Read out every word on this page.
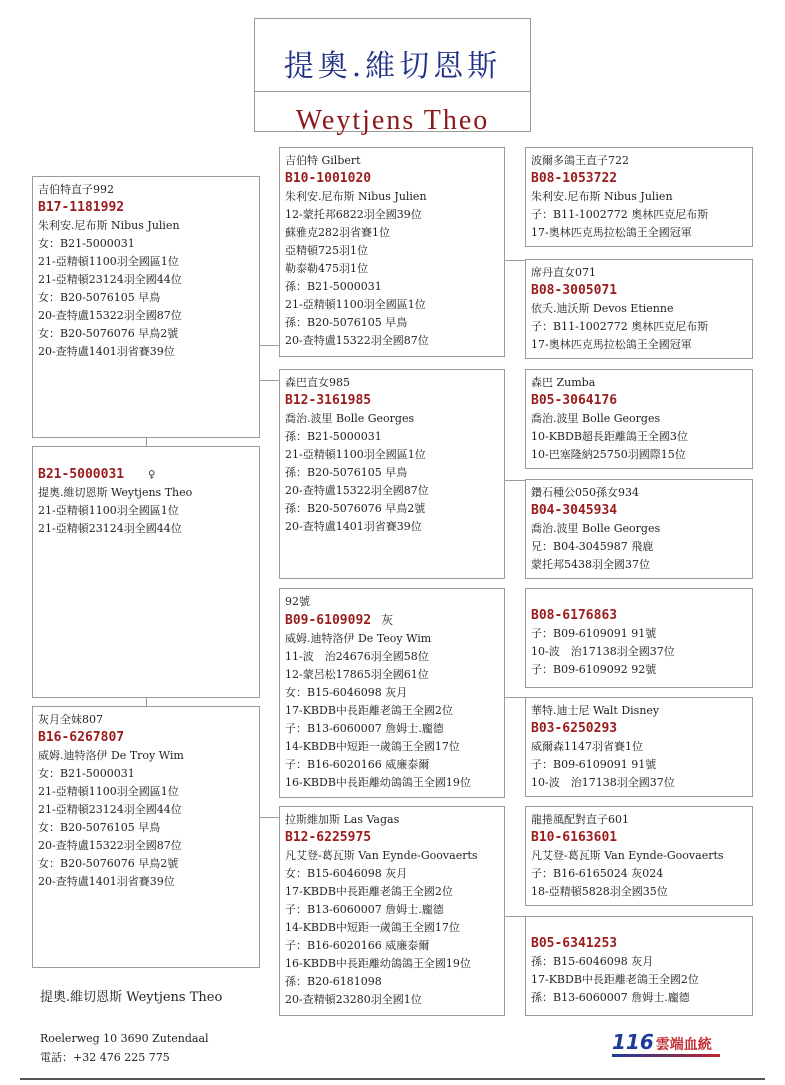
提奧.維切恩斯
Weytjens Theo
吉伯特直子992
B17-1181992
朱利安.尼布斯 Nibus Julien
女：B21-5000031
21-亞精頓1100羽全國區1位
21-亞精頓23124羽全國44位
女：B20-5076105 早鳥
20-查特盧15322羽全國87位
女：B20-5076076 早鳥2號
20-查特盧1401羽省賽39位
B21-5000031 ♀
提奧.維切恩斯 Weytjens Theo
21-亞精頓1100羽全國區1位
21-亞精頓23124羽全國44位
灰月全妹807
B16-6267807
威姆.迪特洛伊 De Troy Wim
女：B21-5000031
21-亞精頓1100羽全國區1位
21-亞精頓23124羽全國44位
女：B20-5076105 早鳥
20-查特盧15322羽全國87位
女：B20-5076076 早鳥2號
20-查特盧1401羽省賽39位
吉伯特 Gilbert
B10-1001020
朱利安.尼布斯 Nibus Julien
12-蒙托邦6822羽全國39位
蘇雅克282羽省賽1位
亞精頓725羽1位
勒泰勒475羽1位
孫：B21-5000031
21-亞精頓1100羽全國區1位
孫：B20-5076105 早鳥
20-查特盧15322羽全國87位
森巴直女985
B12-3161985
喬治.波里 Bolle Georges
孫：B21-5000031
21-亞精頓1100羽全國區1位
孫：B20-5076105 早鳥
20-查特盧15322羽全國87位
孫：B20-5076076 早鳥2號
20-查特盧1401羽省賽39位
92號
B09-6109092 灰
威姆.迪特洛伊 De Teoy Wim
11-波　治24676羽全國58位
12-蒙呂松17865羽全國61位
女：B15-6046098 灰月
17-KBDB中長距離老鴿王全國2位
子：B13-6060007 詹姆士.龐德
14-KBDB中短距一歲鴿王全國17位
子：B16-6020166 威廉泰爾
16-KBDB中長距離幼鴿鴿王全國19位
拉斯維加斯 Las Vagas
B12-6225975
凡艾登-葛瓦斯 Van Eynde-Goovaerts
女：B15-6046098 灰月
17-KBDB中長距離老鴿王全國2位
子：B13-6060007 詹姆士.龐德
14-KBDB中短距一歲鴿王全國17位
子：B16-6020166 威廉泰爾
16-KBDB中長距離幼鴿鴿王全國19位
孫：B20-6181098
20-查精頓23280羽全國1位
波爾多鴿王直子722
B08-1053722
朱利安.尼布斯 Nibus Julien
子：B11-1002772 奧林匹克尼布斯
17-奧林匹克馬拉松鴿王全國冠軍
席丹直女071
B08-3005071
依夭.迪沃斯 Devos Etienne
子：B11-1002772 奧林匹克尼布斯
17-奧林匹克馬拉松鴿王全國冠軍
森巴 Zumba
B05-3064176
喬治.波里 Bolle Georges
10-KBDB超長距離鴿王全國3位
10-巴塞隆納25750羽國際15位
鑽石種公050孫女934
B04-3045934
喬治.波里 Bolle Georges
兄：B04-3045987 飛鹿
蒙托邦5438羽全國37位
B08-6176863
子：B09-6109091 91號
10-波　治17138羽全國37位
子：B09-6109092 92號
華特.迪士尼 Walt Disney
B03-6250293
威爾森1147羽省賽1位
子：B09-6109091 91號
10-波　治17138羽全國37位
龍捲風配對直子601
B10-6163601
凡艾登-葛瓦斯 Van Eynde-Goovaerts
子：B16-6165024 灰024
18-亞精頓5828羽全國35位
B05-6341253
孫：B15-6046098 灰月
17-KBDB中長距離老鴿王全國2位
孫：B13-6060007 詹姆士.龐德
提奧.維切恩斯 Weytjens Theo
Roelerweg 10 3690 Zutendaal
電話：+32 476 225 775
116 雲端血統
